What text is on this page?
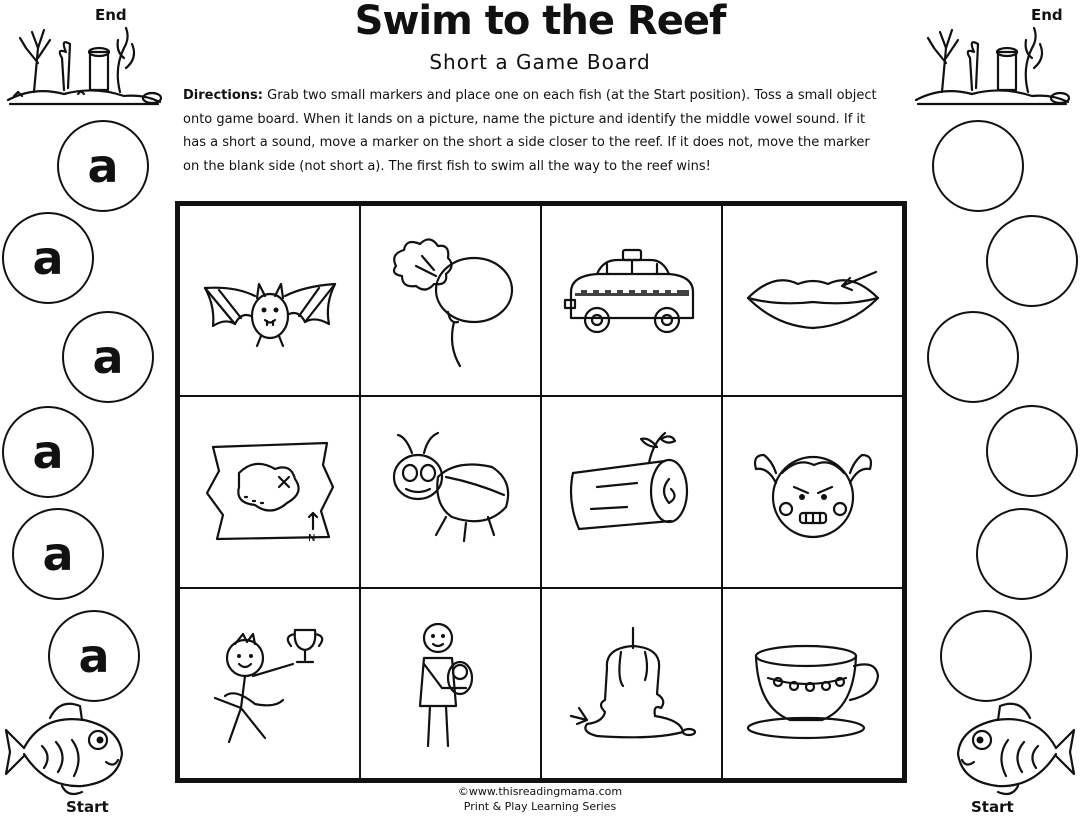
Swim to the Reef
Short a Game Board
Directions: Grab two small markers and place one on each fish (at the Start position). Toss a small object onto game board. When it lands on a picture, name the picture and identify the middle vowel sound. If it has a short a sound, move a marker on the short a side closer to the reef. If it does not, move the marker on the blank side (not short a). The first fish to swim all the way to the reef wins!
End	End
a
a
a
a
a
a
Start	Start
N
©www.thisreadingmama.com
Print & Play Learning Series
